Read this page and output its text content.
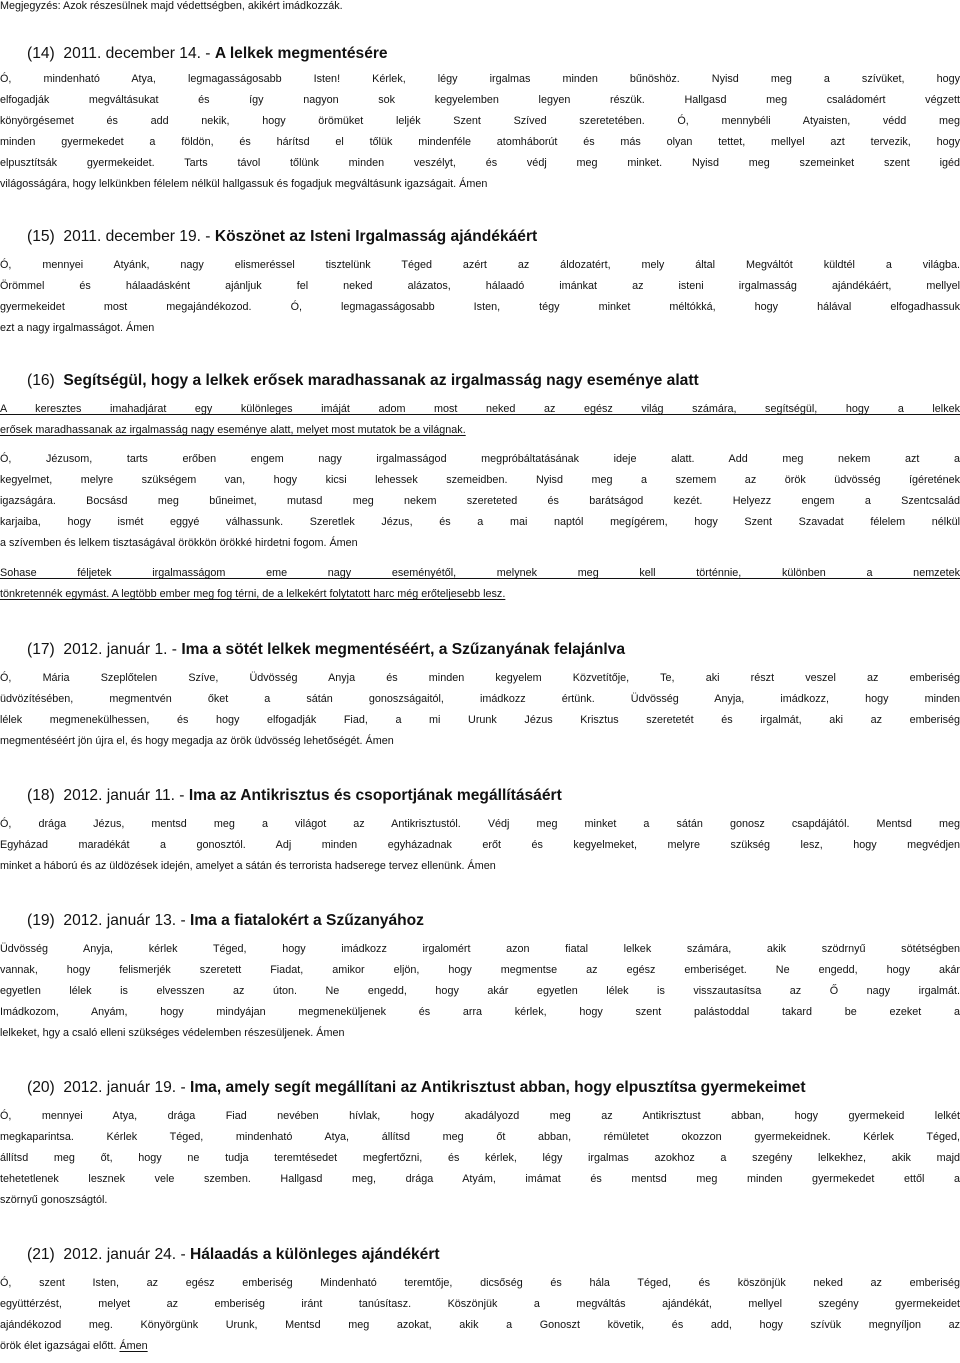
Megjegyzés: Azok részesülnek majd védettségben, akikért imádkozzák.
(14) 2011. december 14. - A lelkek megmentésére
Ó, mindenható Atya, legmagasságosabb Isten! Kérlek, légy irgalmas minden bűnöshöz. Nyisd meg a szívüket, hogy
elfogadják megváltásukat és így nagyon sok kegyelemben legyen részük. Hallgasd meg családomért végzett
könyörgésemet és add nekik, hogy örömüket leljék Szent Szíved szeretetében. Ó, mennybéli Atyaisten, védd meg
minden gyermekedet a földön, és hárítsd el tőlük mindenféle atomháborút és más olyan tettet, mellyel azt tervezik, hogy
elpusztítsák gyermekeidet. Tarts távol tőlünk minden veszélyt, és védj meg minket. Nyisd meg szemeinket szent igéd
világosságára, hogy lelkünkben félelem nélkül hallgassuk és fogadjuk megváltásunk igazságait. Ámen
(15) 2011. december 19. - Köszönet az Isteni Irgalmasság ajándékáért
Ó, mennyei Atyánk, nagy elismeréssel tisztelünk Téged azért az áldozatért, mely által Megváltót küldtél a világba.
Örömmel és hálaadásként ajánljuk fel neked alázatos, hálaadó imánkat az isteni irgalmasság ajándékáért, mellyel
gyermekeidet most megajándékozod. Ó, legmagasságosabb Isten, tégy minket méltókká, hogy hálával elfogadhassuk
ezt a nagy irgalmasságot. Ámen
(16) Segítségül, hogy a lelkek erősek maradhassanak az irgalmasság nagy eseménye alatt
A keresztes imahadjárat egy különleges imáját adom most neked az egész világ számára, segítségül, hogy a lelkek
erősek maradhassanak az irgalmasság nagy eseménye alatt, melyet most mutatok be a világnak.
Ó, Jézusom, tarts erőben engem nagy irgalmasságod megpróbáltatásának ideje alatt. Add meg nekem azt a
kegyelmet, melyre szükségem van, hogy kicsi lehessek szemeidben. Nyisd meg a szemem az örök üdvösség ígéretének
igazságára. Bocsásd meg bűneimet, mutasd meg nekem szereteted és barátságod kezét. Helyezz engem a Szentcsalád
karjaiba, hogy ismét eggyé válhassunk. Szeretlek Jézus, és a mai naptól megígérem, hogy Szent Szavadat félelem nélkül
a szívemben és lelkem tisztaságával örökkön örökké hirdetni fogom. Ámen
Sohase féljetek irgalmasságom eme nagy eseményétől, melynek meg kell történnie, különben a nemzetek
tönkretennék egymást. A legtöbb ember meg fog térni, de a lelkekért folytatott harc még erőteljesebb lesz.
(17) 2012. január 1. - Ima a sötét lelkek megmentéséért, a Szűzanyának felajánlva
Ó, Mária Szeplőtelen Szíve, Üdvösség Anyja és minden kegyelem Közvetítője, Te, aki részt veszel az emberiség
üdvözítésében, megmentvén őket a sátán gonoszságaitól, imádkozz értünk. Üdvösség Anyja, imádkozz, hogy minden
lélek megmenekülhessen, és hogy elfogadják Fiad, a mi Urunk Jézus Krisztus szeretetét és irgalmát, aki az emberiség
megmentéséért jön újra el, és hogy megadja az örök üdvösség lehetőségét. Ámen
(18) 2012. január 11. - Ima az Antikrisztus és csoportjának megállításáért
Ó, drága Jézus, mentsd meg a világot az Antikrisztustól. Védj meg minket a sátán gonosz csapdájától. Mentsd meg
Egyházad maradékát a gonosztól. Adj minden egyházadnak erőt és kegyelmeket, melyre szükség lesz, hogy megvédjen
minket a háború és az üldözések idején, amelyet a sátán és terrorista hadserege tervez ellenünk. Ámen
(19) 2012. január 13. - Ima a fiatalokért a Szűzanyához
Üdvösség Anyja, kérlek Téged, hogy imádkozz irgalomért azon fiatal lelkek számára, akik szödrnyű sötétségben
vannak, hogy felismerjék szeretett Fiadat, amikor eljön, hogy megmentse az egész emberiséget. Ne engedd, hogy akár
egyetlen lélek is elvesszen az úton. Ne engedd, hogy akár egyetlen lélek is visszautasítsa az Ő nagy irgalmát.
Imádkozom, Anyám, hogy mindyájan megmeneküljenek és arra kérlek, hogy szent palástoddal takard be ezeket a
lelkeket, hgy a csaló elleni szükséges védelemben részesüljenek. Ámen
(20) 2012. január 19. - Ima, amely segít megállítani az Antikrisztust abban, hogy elpusztítsa gyermekeimet
Ó, mennyei Atya, drága Fiad nevében hívlak, hogy akadályozd meg az Antikrisztust abban, hogy gyermekeid lelkét
megkaparintsa. Kérlek Téged, mindenható Atya, állítsd meg őt abban, rémületet okozzon gyermekeidnek. Kérlek Téged,
állítsd meg őt, hogy ne tudja teremtésedet megfertőzni, és kérlek, légy irgalmas azokhoz a szegény lelkekhez, akik majd
tehetetlenek lesznek vele szemben. Hallgasd meg, drága Atyám, imámat és mentsd meg minden gyermekedet ettől a
szörnyű gonoszságtól.
(21) 2012. január 24. - Hálaadás a különleges ajándékért
Ó, szent Isten, az egész emberiség Mindenható teremtője, dicsőség és hála Téged, és köszönjük neked az emberiség
együttérzést, melyet az emberiség iránt tanúsítasz. Köszönjük a megváltás ajándékát, mellyel szegény gyermekeidet
ajándékozod meg. Könyörgünk Urunk, Mentsd meg azokat, akik a Gonoszt követik, és add, hogy szívük megnyíljon az
örök élet igazságai előtt. Ámen
